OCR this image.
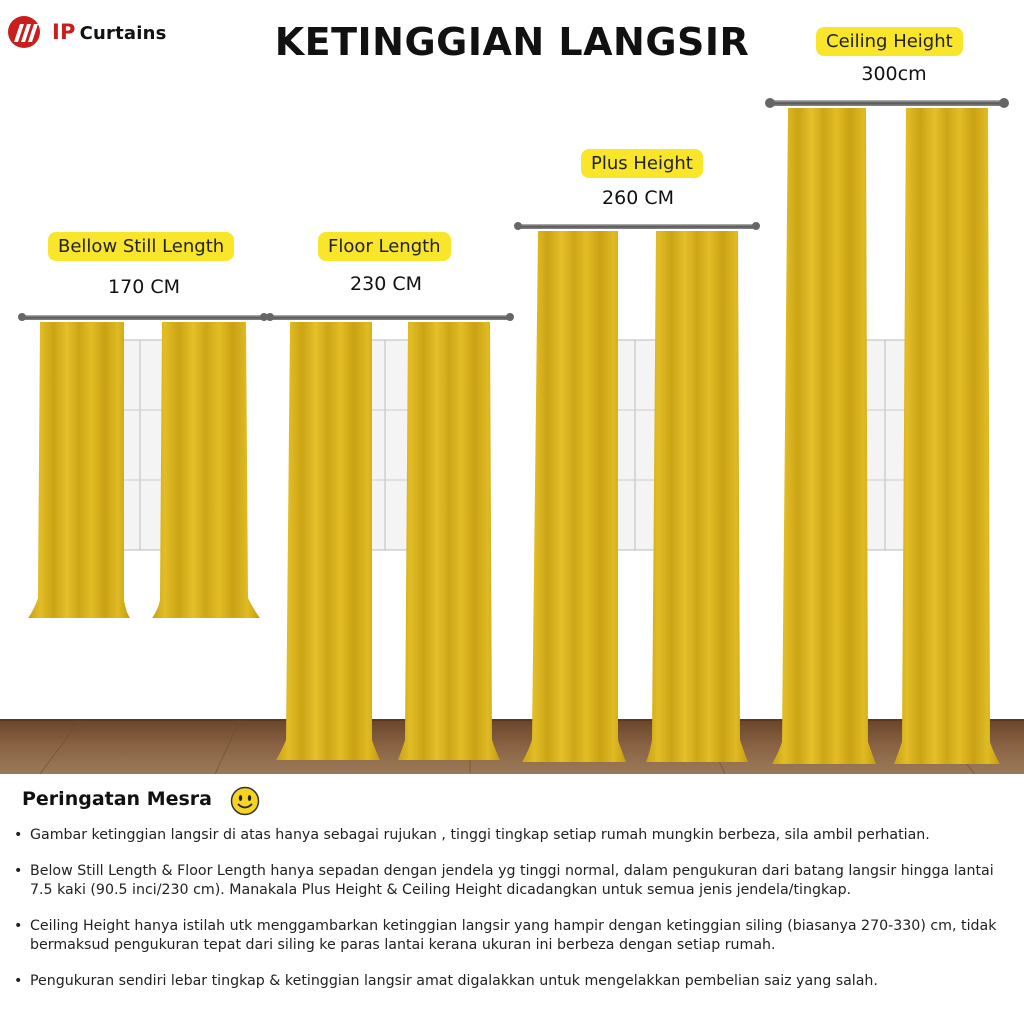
IP Curtains	KETINGGIAN LANGSIR
Bellow Still Length
170 CM
Floor Length
230 CM
Plus Height
260 CM
Ceiling Height
300cm
Peringatan Mesra
• Gambar ketinggian langsir di atas hanya sebagai rujukan , tinggi tingkap setiap rumah mungkin berbeza, sila ambil perhatian.
• Below Still Length & Floor Length hanya sepadan dengan jendela yg tinggi normal, dalam pengukuran dari batang langsir hingga lantai 7.5 kaki (90.5 inci/230 cm). Manakala Plus Height & Ceiling Height dicadangkan untuk semua jenis jendela/tingkap.
• Ceiling Height hanya istilah utk menggambarkan ketinggian langsir yang hampir dengan ketinggian siling (biasanya 270-330) cm, tidak bermaksud pengukuran tepat dari siling ke paras lantai kerana ukuran ini berbeza dengan setiap rumah.
• Pengukuran sendiri lebar tingkap & ketinggian langsir amat digalakkan untuk mengelakkan pembelian saiz yang salah.
